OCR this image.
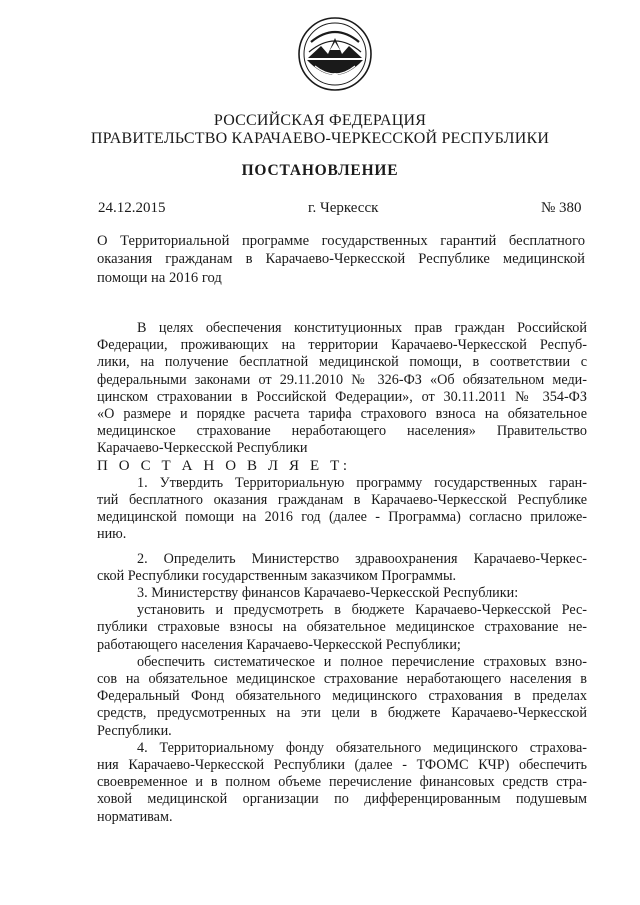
РОССИЙСКАЯ ФЕДЕРАЦИЯ
ПРАВИТЕЛЬСТВО КАРАЧАЕВО-ЧЕРКЕССКОЙ РЕСПУБЛИКИ
ПОСТАНОВЛЕНИЕ
24.12.2015	г. Черкесск	№ 380
О Территориальной программе государственных гарантий бесплатного
оказания гражданам в Карачаево-Черкесской Республике медицинской
помощи на 2016 год
В целях обеспечения конституционных прав граждан Российской
Федерации, проживающих на территории Карачаево-Черкесской Респуб-
лики, на получение бесплатной медицинской помощи, в соответствии с
федеральными законами от 29.11.2010 № 326-ФЗ «Об обязательном меди-
цинском страховании в Российской Федерации», от 30.11.2011 № 354-ФЗ
«О размере и порядке расчета тарифа страхового взноса на обязательное
медицинское страхование неработающего населения» Правительство
Карачаево-Черкесской Республики
П О С Т А Н О В Л Я Е Т:
1. Утвердить Территориальную программу государственных гаран-
тий бесплатного оказания гражданам в Карачаево-Черкесской Республике
медицинской помощи на 2016 год (далее - Программа) согласно приложе-
нию.
2. Определить Министерство здравоохранения Карачаево-Черкес-
ской Республики государственным заказчиком Программы.
3. Министерству финансов Карачаево-Черкесской Республики:
установить и предусмотреть в бюджете Карачаево-Черкесской Рес-
публики страховые взносы на обязательное медицинское страхование не-
работающего населения Карачаево-Черкесской Республики;
обеспечить систематическое и полное перечисление страховых взно-
сов на обязательное медицинское страхование неработающего населения в
Федеральный Фонд обязательного медицинского страхования в пределах
средств, предусмотренных на эти цели в бюджете Карачаево-Черкесской
Республики.
4. Территориальному фонду обязательного медицинского страхова-
ния Карачаево-Черкесской Республики (далее - ТФОМС КЧР) обеспечить
своевременное и в полном объеме перечисление финансовых средств стра-
ховой медицинской организации по дифференцированным подушевым
нормативам.
